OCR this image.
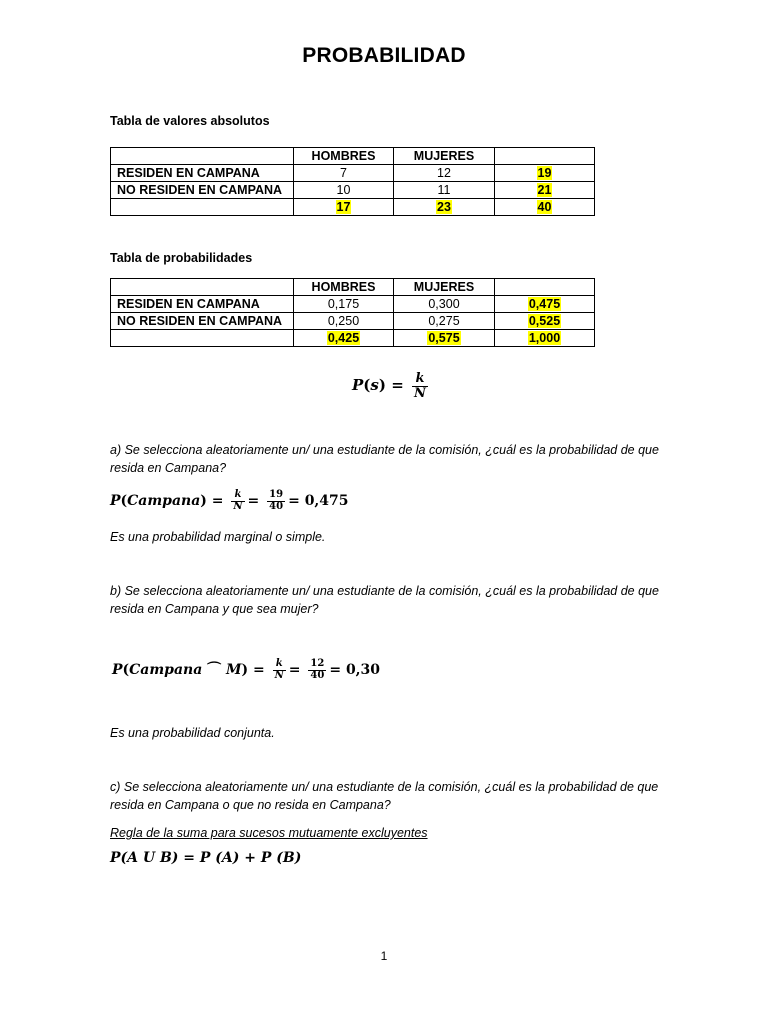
PROBABILIDAD
Tabla de valores absolutos
	HOMBRES	MUJERES	
RESIDEN EN CAMPANA	7	12	19
NO RESIDEN EN CAMPANA	10	11	21
	17	23	40
Tabla de probabilidades
	HOMBRES	MUJERES	
RESIDEN EN CAMPANA	0,175	0,300	0,475
NO RESIDEN EN CAMPANA	0,250	0,275	0,525
	0,425	0,575	1,000
$P(s) = \frac{k}{N}$
a) Se selecciona aleatoriamente un/ una estudiante de la comisión, ¿cuál es la probabilidad de que resida en Campana?
P(Campana) = $\frac{k}{N} = \frac{19}{40} = 0,475$
Es una probabilidad marginal o simple.
b) Se selecciona aleatoriamente un/ una estudiante de la comisión, ¿cuál es la probabilidad de que resida en Campana y que sea mujer?
P(Campana ⌒ $M) = \frac{k}{N} = \frac{12}{40} = 0,30$
Es una probabilidad conjunta.
c) Se selecciona aleatoriamente un/ una estudiante de la comisión, ¿cuál es la probabilidad de que resida en Campana o que no resida en Campana?
Regla de la suma para sucesos mutuamente excluyentes
P(A U B) = P (A) + P (B)
1
